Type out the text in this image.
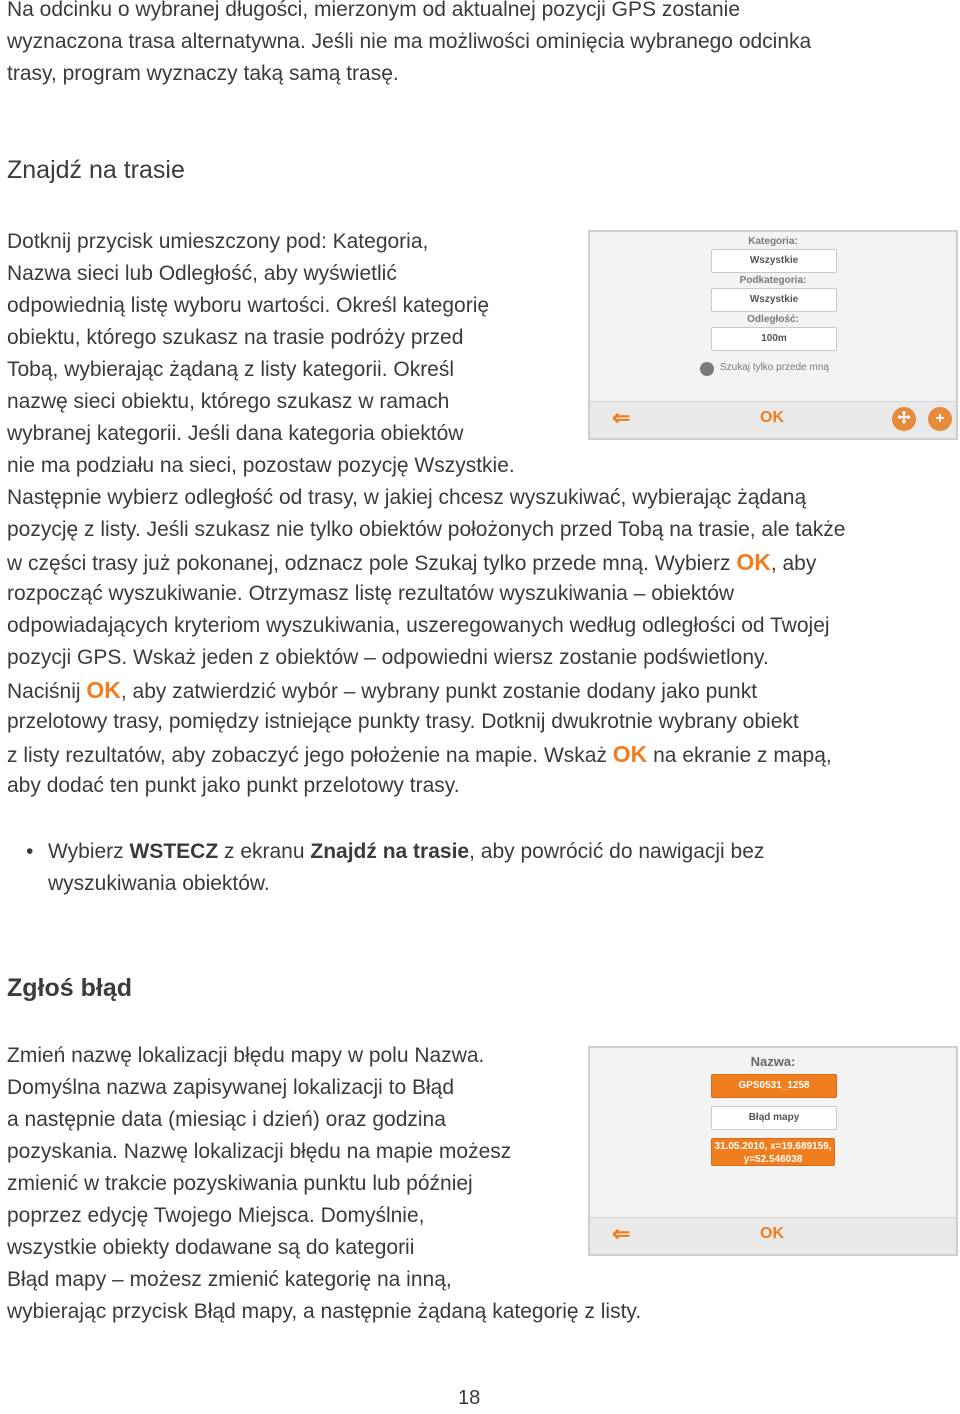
Na odcinku o wybranej długości, mierzonym od aktualnej pozycji GPS zostanie
wyznaczona trasa alternatywna. Jeśli nie ma możliwości ominięcia wybranego odcinka
trasy, program wyznaczy taką samą trasę.
Znajdź na trasie
Dotknij przycisk umieszczony pod: Kategoria,
Nazwa sieci lub Odległość, aby wyświetlić
odpowiednią listę wyboru wartości. Określ kategorię
obiektu, którego szukasz na trasie podróży przed
Tobą, wybierając żądaną z listy kategorii. Określ
nazwę sieci obiektu, którego szukasz w ramach
wybranej kategorii. Jeśli dana kategoria obiektów
nie ma podziału na sieci, pozostaw pozycję Wszystkie.
Następnie wybierz odległość od trasy, w jakiej chcesz wyszukiwać, wybierając żądaną
pozycję z listy. Jeśli szukasz nie tylko obiektów położonych przed Tobą na trasie, ale także
w części trasy już pokonanej, odznacz pole Szukaj tylko przede mną. Wybierz OK, aby
rozpocząć wyszukiwanie. Otrzymasz listę rezultatów wyszukiwania – obiektów
odpowiadających kryteriom wyszukiwania, uszeregowanych według odległości od Twojej
pozycji GPS. Wskaż jeden z obiektów – odpowiedni wiersz zostanie podświetlony.
Naciśnij OK, aby zatwierdzić wybór – wybrany punkt zostanie dodany jako punkt
przelotowy trasy, pomiędzy istniejące punkty trasy. Dotknij dwukrotnie wybrany obiekt
z listy rezultatów, aby zobaczyć jego położenie na mapie. Wskaż OK na ekranie z mapą,
aby dodać ten punkt jako punkt przelotowy trasy.
• Wybierz WSTECZ z ekranu Znajdź na trasie, aby powrócić do nawigacji bez
wyszukiwania obiektów.
Kategoria:
Wszystkie
Podkategoria:
Wszystkie
Odległość:
100m
Szukaj tylko przede mną
⇐	OK	✢	+
Zgłoś błąd
Zmień nazwę lokalizacji błędu mapy w polu Nazwa.
Domyślna nazwa zapisywanej lokalizacji to Błąd
a następnie data (miesiąc i dzień) oraz godzina
pozyskania. Nazwę lokalizacji błędu na mapie możesz
zmienić w trakcie pozyskiwania punktu lub później
poprzez edycję Twojego Miejsca. Domyślnie,
wszystkie obiekty dodawane są do kategorii
Błąd mapy – możesz zmienić kategorię na inną,
wybierając przycisk Błąd mapy, a następnie żądaną kategorię z listy.
Nazwa:
GPS0531_1258
Błąd mapy
31.05.2010, x=19.689159,
y=52.546038
⇐	OK
18
